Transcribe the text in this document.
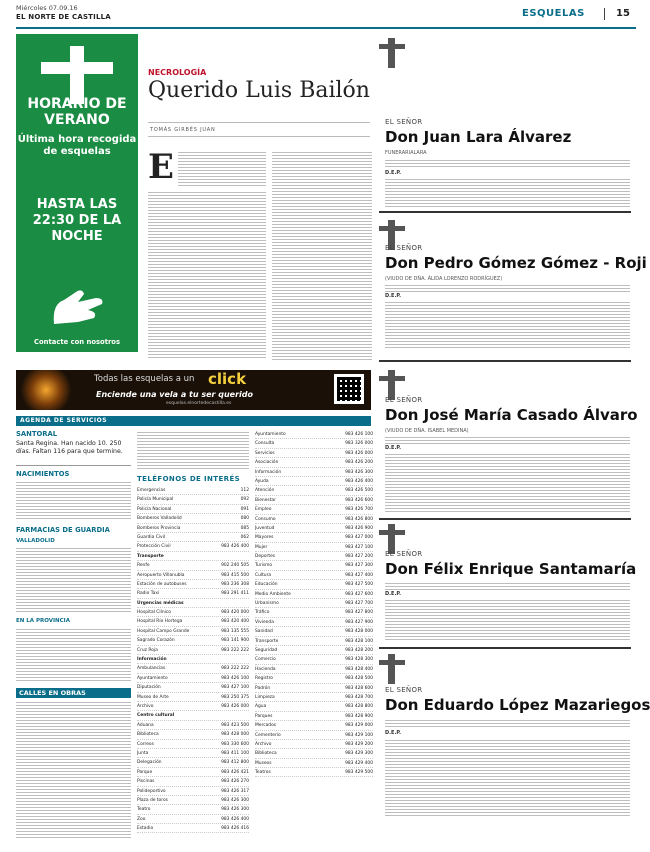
Miércoles 07.09.16
EL NORTE DE CASTILLA	ESQUELAS	15
HORARIO DE VERANO
Última hora recogida de esquelas
HASTA LAS 22:30 DE LA NOCHE
Contacte con nosotros
Fax: 983 41 21 22
NECROLOGÍA
Querido Luis Bailón
TOMÁS GIRBÉS JUAN
E
EL SEÑOR
Don Juan Lara Álvarez
FUNERARIALARA
D.E.P.
EL SEÑOR
Don Pedro Gómez Gómez - Roji
(VIUDO DE DÑA. ÁLIDA LORENZO RODRÍGUEZ)
D.E.P.
EL SEÑOR
Don José María Casado Álvaro
(VIUDO DE DÑA. ISABEL MEDINA)
D.E.P.
EL SEÑOR
Don Félix Enrique Santamaría
D.E.P.
EL SEÑOR
Don Eduardo López Mazariegos
D.E.P.
Todas las esquelas a un click
Enciende una vela a tu ser querido
esquelas.elnortedecastilla.es
AGENDA DE SERVICIOS
SANTORAL
Santa Regina. Han nacido 10. 250 días. Faltan 116 para que termine.
NACIMIENTOS
FARMACIAS DE GUARDIA
VALLADOLID
EN LA PROVINCIA
CALLES EN OBRAS
TELÉFONOS DE INTERÉS
Emergencias	112
Policía Municipal	092
Policía Nacional	091
Bomberos Valladolid	080
Bomberos Provincia	085
Guardia Civil	062
Protección Civil	983 426 400
Transporte
Renfe	902 240 505
Aeropuerto Villanubla	983 415 500
Estación de autobuses	983 236 308
Radio Taxi	983 291 411
Urgencias médicas
Hospital Clínico	983 420 000
Hospital Río Hortega	983 420 400
Hospital Campo Grande	983 135 555
Sagrado Corazón	983 141 900
Cruz Roja	983 222 222
Información
Ambulancias	983 222 222
Ayuntamiento	983 426 100
Diputación	983 427 100
Museo de Arte	983 250 375
Archivo	983 426 000
Centro cultural
Aduana	983 423 500
Biblioteca	983 428 000
Correos	983 330 600
Junta	983 411 100
Delegación	983 412 800
Parque	983 426 421
Piscinas	983 426 270
Polideportivo	983 426 317
Plaza de toros	983 426 300
Teatro	983 426 300
Zoo	983 426 400
Estadio	983 426 416
Ayuntamiento	983 426 100
Consulta	983 326 000
Servicios	983 426 000
Asociación	983 426 200
Información	983 426 300
Ayuda	983 426 400
Atención	983 426 500
Bienestar	983 426 600
Empleo	983 426 700
Consumo	983 426 800
Juventud	983 426 900
Mayores	983 427 000
Mujer	983 427 100
Deportes	983 427 200
Turismo	983 427 300
Cultura	983 427 400
Educación	983 427 500
Medio Ambiente	983 427 600
Urbanismo	983 427 700
Tráfico	983 427 800
Vivienda	983 427 900
Sanidad	983 428 000
Transporte	983 428 100
Seguridad	983 428 200
Comercio	983 428 300
Hacienda	983 428 400
Registro	983 428 500
Padrón	983 428 600
Limpieza	983 428 700
Agua	983 428 800
Parques	983 428 900
Mercados	983 429 000
Cementerio	983 429 100
Archivo	983 429 200
Biblioteca	983 429 300
Museos	983 429 400
Teatros	983 429 500
